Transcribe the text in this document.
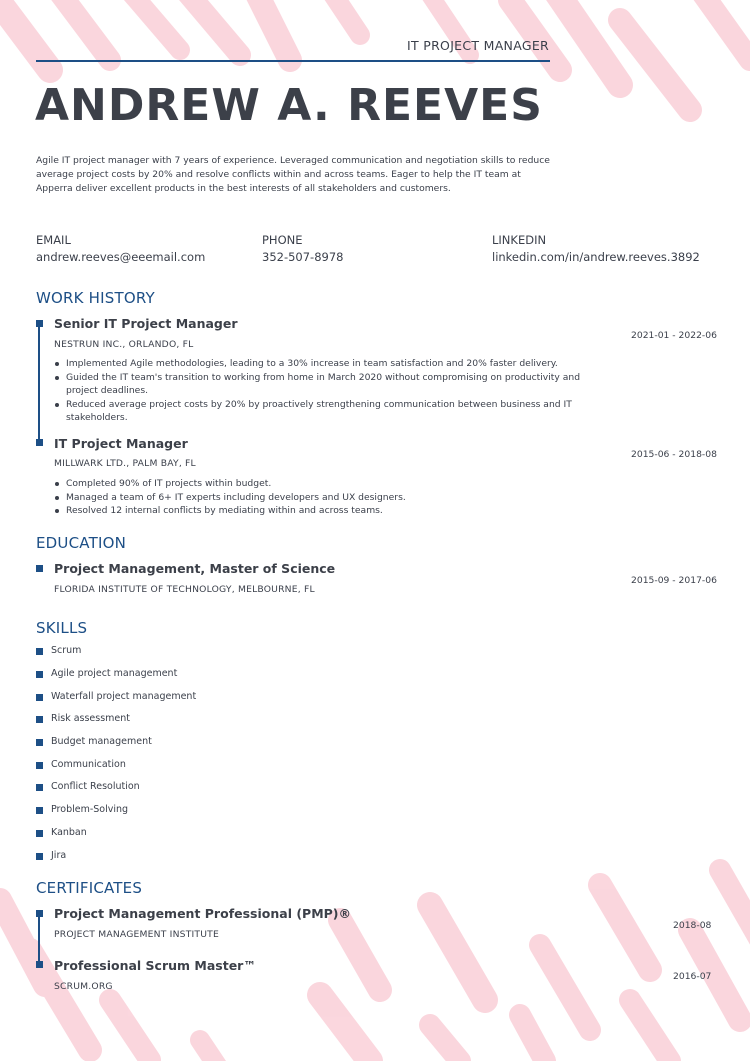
IT PROJECT MANAGER
ANDREW A. REEVES

Agile IT project manager with 7 years of experience. Leveraged communication and negotiation skills to reduce average project costs by 20% and resolve conflicts within and across teams. Eager to help the IT team at Apperra deliver excellent products in the best interests of all stakeholders and customers.

EMAIL
andrew.reeves@eeemail.com
PHONE
352-507-8978
LINKEDIN
linkedin.com/in/andrew.reeves.3892
WORK HISTORY
Senior IT Project Manager
2021-01 - 2022-06
NESTRUN INC., ORLANDO, FL
Implemented Agile methodologies, leading to a 30% increase in team satisfaction and 20% faster delivery.
Guided the IT team's transition to working from home in March 2020 without compromising on productivity and project deadlines.
Reduced average project costs by 20% by proactively strengthening communication between business and IT stakeholders.
IT Project Manager
2015-06 - 2018-08
MILLWARK LTD., PALM BAY, FL
Completed 90% of IT projects within budget.
Managed a team of 6+ IT experts including developers and UX designers.
Resolved 12 internal conflicts by mediating within and across teams.
EDUCATION
Project Management, Master of Science
2015-09 - 2017-06
FLORIDA INSTITUTE OF TECHNOLOGY, MELBOURNE, FL
SKILLS
Scrum
Agile project management
Waterfall project management
Risk assessment
Budget management
Communication
Conflict Resolution
Problem-Solving
Kanban
Jira
CERTIFICATES
Project Management Professional (PMP)®
2018-08
PROJECT MANAGEMENT INSTITUTE
Professional Scrum Master™
2016-07
SCRUM.ORG
